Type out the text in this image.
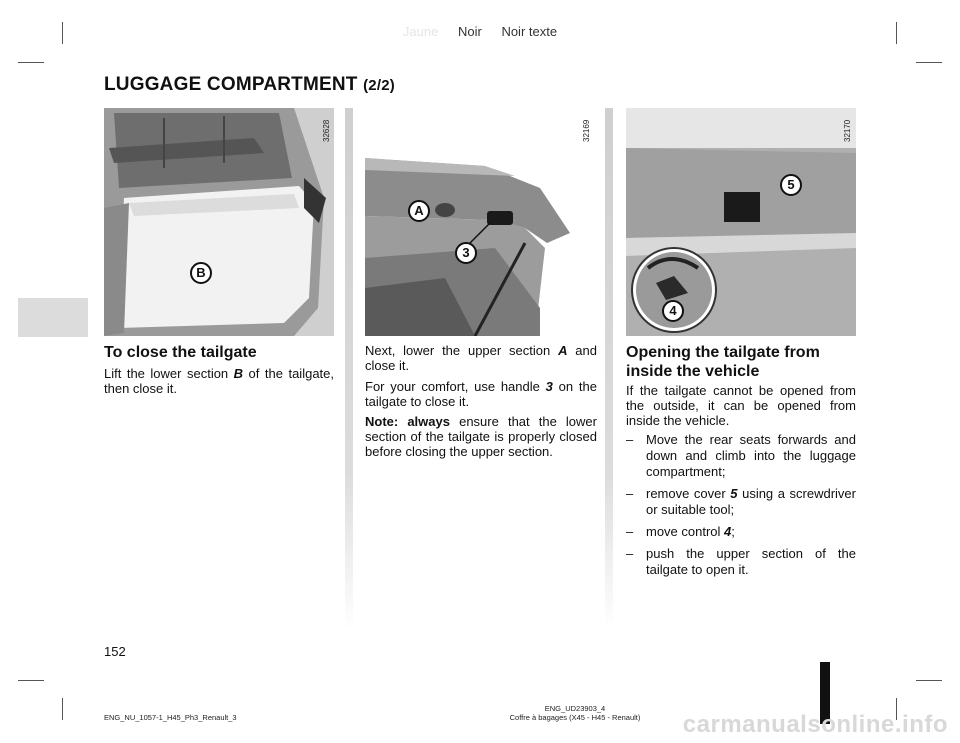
Jaune Noir Noir texte
LUGGAGE COMPARTMENT (2/2)
B
32628
A
3
32169
5
4
32170
To close the tailgate
Lift the lower section B of the tailgate, then close it.
Next, lower the upper section A and close it.
For your comfort, use handle 3 on the tailgate to close it.
Note: always ensure that the lower section of the tailgate is properly closed before closing the upper section.
Opening the tailgate from
inside the vehicle
If the tailgate cannot be opened from the outside, it can be opened from inside the vehicle.
– Move the rear seats forwards and down and climb into the luggage compartment;
– remove cover 5 using a screwdriver or suitable tool;
– move control 4;
– push the upper section of the tailgate to open it.
152
ENG_NU_1057-1_H45_Ph3_Renault_3
ENG_UD23903_4
Coffre à bagages (X45 - H45 - Renault)	carmanualsonline.info
